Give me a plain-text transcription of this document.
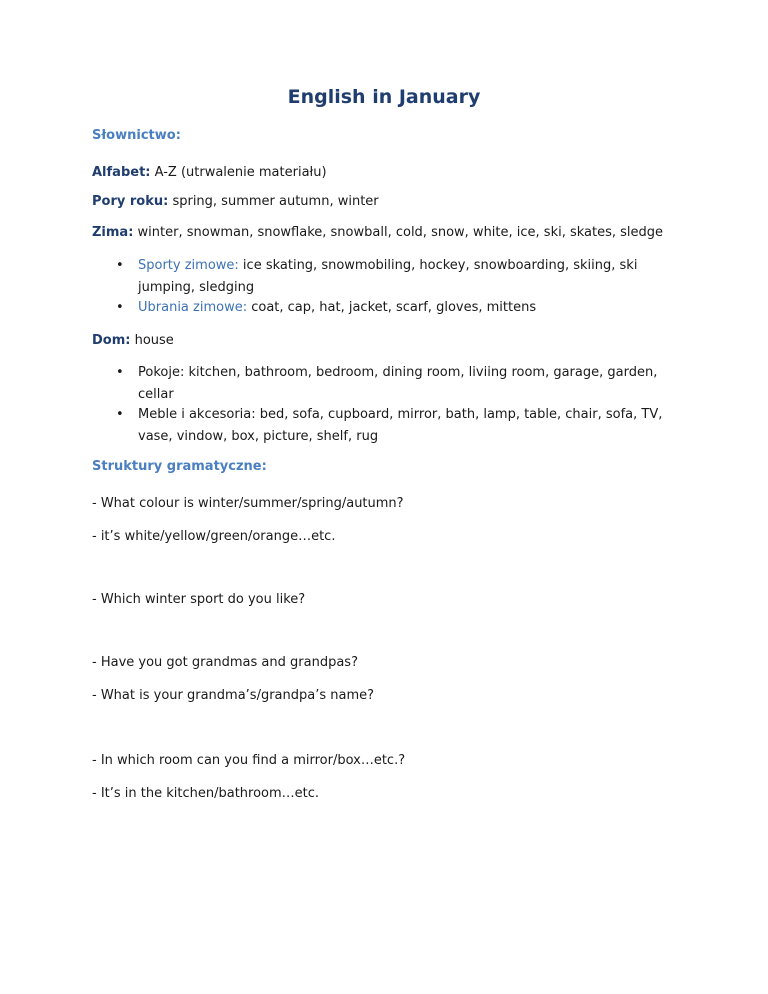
English in January
Słownictwo:
Alfabet: A-Z (utrwalenie materiału)
Pory roku: spring, summer autumn, winter
Zima: winter, snowman, snowflake, snowball, cold, snow, white, ice, ski, skates, sledge
• Sporty zimowe: ice skating, snowmobiling, hockey, snowboarding, skiing, ski
jumping, sledging
• Ubrania zimowe: coat, cap, hat, jacket, scarf, gloves, mittens
Dom: house
• Pokoje: kitchen, bathroom, bedroom, dining room, liviing room, garage, garden,
cellar
• Meble i akcesoria: bed, sofa, cupboard, mirror, bath, lamp, table, chair, sofa, TV,
vase, vindow, box, picture, shelf, rug
Struktury gramatyczne:
- What colour is winter/summer/spring/autumn?
- it’s white/yellow/green/orange…etc.
- Which winter sport do you like?
- Have you got grandmas and grandpas?
- What is your grandma’s/grandpa’s name?
- In which room can you find a mirror/box…etc.?
- It’s in the kitchen/bathroom…etc.
